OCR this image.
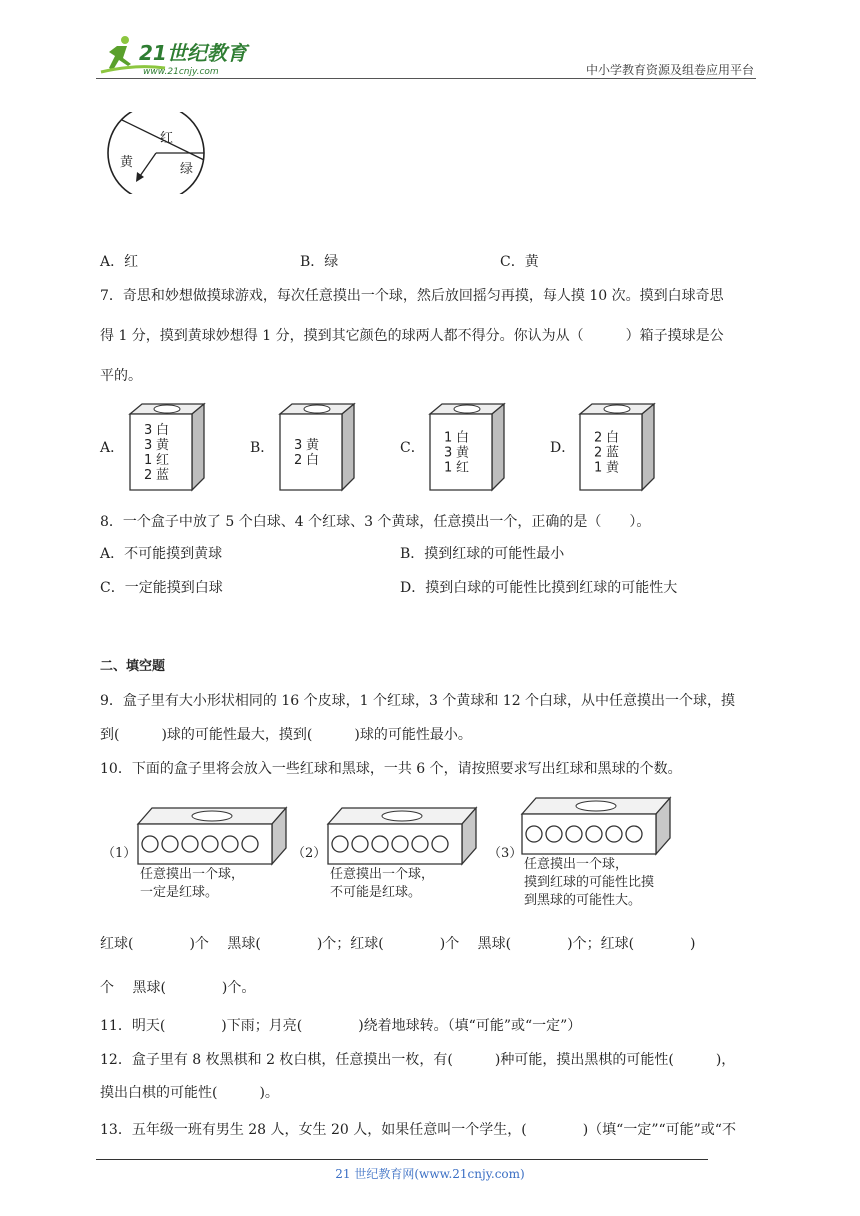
21世纪教育
www.21cnjy.com	中小学教育资源及组卷应用平台
红
绿
黄
A．红	B．绿	C．黄
7．奇思和妙想做摸球游戏，每次任意摸出一个球，然后放回摇匀再摸，每人摸 10 次。摸到白球奇思
得 1 分，摸到黄球妙想得 1 分，摸到其它颜色的球两人都不得分。你认为从（　　　）箱子摸球是公
平的。
A．
3 白
3 黄
1 红
2 蓝
B． 3 黄
2 白
C．
1 白
3 黄
1 红
D．
2 白
2 蓝
1 黄
8．一个盒子中放了 5 个白球、4 个红球、3 个黄球，任意摸出一个，正确的是（　　）。
A．不可能摸到黄球	B．摸到红球的可能性最小
C．一定能摸到白球	D．摸到白球的可能性比摸到红球的可能性大
二、填空题
9．盒子里有大小形状相同的 16 个皮球，1 个红球，3 个黄球和 12 个白球，从中任意摸出一个球，摸
到(　　　)球的可能性最大，摸到(　　　)球的可能性最小。
10．下面的盒子里将会放入一些红球和黑球，一共 6 个，请按照要求写出红球和黑球的个数。
（1）
任意摸出一个球，
一定是红球。
（2）
任意摸出一个球，
不可能是红球。
（3）
任意摸出一个球，
摸到红球的可能性比摸
到黑球的可能性大。
红球(　　　　)个　 黑球(　　　　)个；红球(　　　　)个　 黑球(　　　　)个；红球(　　　　)
个　 黑球(　　　　)个。
11．明天(　　　　)下雨；月亮(　　　　)绕着地球转。（填“可能”或“一定”）
12．盒子里有 8 枚黑棋和 2 枚白棋，任意摸出一枚，有(　　　)种可能，摸出黑棋的可能性(　　　)，
摸出白棋的可能性(　　　)。
13．五年级一班有男生 28 人，女生 20 人，如果任意叫一个学生，(　　　　)（填“一定”“可能”或“不
21 世纪教育网(www.21cnjy.com)
